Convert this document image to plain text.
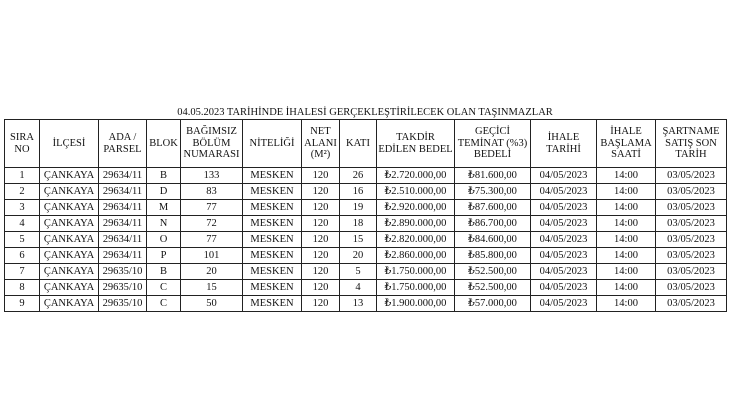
04.05.2023 TARİHİNDE İHALESİ GERÇEKLEŞTİRİLECEK OLAN TAŞINMAZLAR
SIRA NO	İLÇESİ	ADA / PARSEL	BLOK	BAĞIMSIZ BÖLÜM NUMARASI	NİTELİĞİ	NET ALANI (M²)	KATI	TAKDİR EDİLEN BEDEL	GEÇİCİ TEMİNAT (%3) BEDELİ	İHALE TARİHİ	İHALE BAŞLAMA SAATİ	ŞARTNAME SATIŞ SON TARİH
1	ÇANKAYA	29634/11	B	133	MESKEN	120	26	₺2.720.000,00	₺81.600,00	04/05/2023	14:00	03/05/2023
2	ÇANKAYA	29634/11	D	83	MESKEN	120	16	₺2.510.000,00	₺75.300,00	04/05/2023	14:00	03/05/2023
3	ÇANKAYA	29634/11	M	77	MESKEN	120	19	₺2.920.000,00	₺87.600,00	04/05/2023	14:00	03/05/2023
4	ÇANKAYA	29634/11	N	72	MESKEN	120	18	₺2.890.000,00	₺86.700,00	04/05/2023	14:00	03/05/2023
5	ÇANKAYA	29634/11	O	77	MESKEN	120	15	₺2.820.000,00	₺84.600,00	04/05/2023	14:00	03/05/2023
6	ÇANKAYA	29634/11	P	101	MESKEN	120	20	₺2.860.000,00	₺85.800,00	04/05/2023	14:00	03/05/2023
7	ÇANKAYA	29635/10	B	20	MESKEN	120	5	₺1.750.000,00	₺52.500,00	04/05/2023	14:00	03/05/2023
8	ÇANKAYA	29635/10	C	15	MESKEN	120	4	₺1.750.000,00	₺52.500,00	04/05/2023	14:00	03/05/2023
9	ÇANKAYA	29635/10	C	50	MESKEN	120	13	₺1.900.000,00	₺57.000,00	04/05/2023	14:00	03/05/2023
